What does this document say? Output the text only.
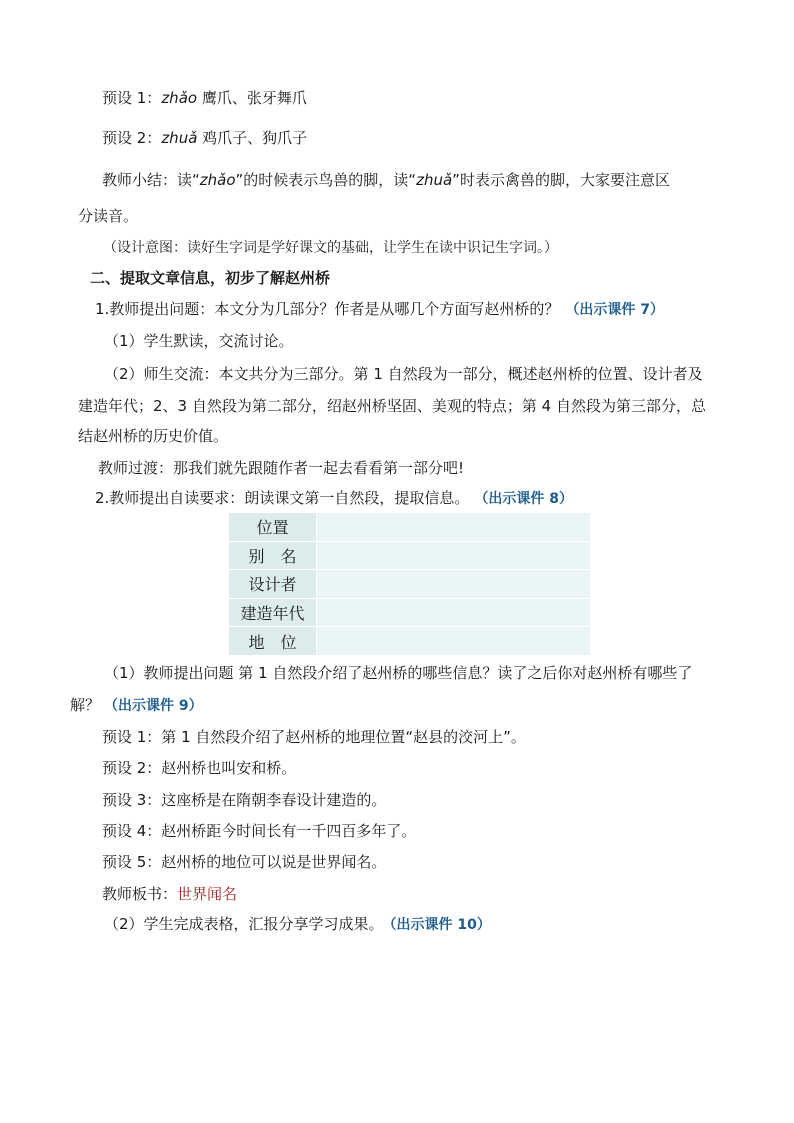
预设 1：zhǎo 鹰爪、张牙舞爪
预设 2：zhuǎ 鸡爪子、狗爪子
教师小结：读“zhǎo”的时候表示鸟兽的脚，读“zhuǎ”时表示禽兽的脚，大家要注意区
分读音。
（设计意图：读好生字词是学好课文的基础，让学生在读中识记生字词。）
二、提取文章信息，初步了解赵州桥
1.教师提出问题：本文分为几部分？作者是从哪几个方面写赵州桥的？ （出示课件 7）
（1）学生默读，交流讨论。
（2）师生交流：本文共分为三部分。第 1 自然段为一部分，概述赵州桥的位置、设计者及
建造年代；2、3 自然段为第二部分，绍赵州桥坚固、美观的特点；第 4 自然段为第三部分，总
结赵州桥的历史价值。
教师过渡：那我们就先跟随作者一起去看看第一部分吧!
2.教师提出自读要求：朗读课文第一自然段，提取信息。 （出示课件 8）
位置	
别　名	
设计者	
建造年代	
地　位	
（1）教师提出问题 第 1 自然段介绍了赵州桥的哪些信息？读了之后你对赵州桥有哪些了
解？ （出示课件 9）
预设 1：第 1 自然段介绍了赵州桥的地理位置“赵县的洨河上”。
预设 2：赵州桥也叫安和桥。
预设 3：这座桥是在隋朝李春设计建造的。
预设 4：赵州桥距今时间长有一千四百多年了。
预设 5：赵州桥的地位可以说是世界闻名。
教师板书：世界闻名
（2）学生完成表格，汇报分享学习成果。 （出示课件 10）
